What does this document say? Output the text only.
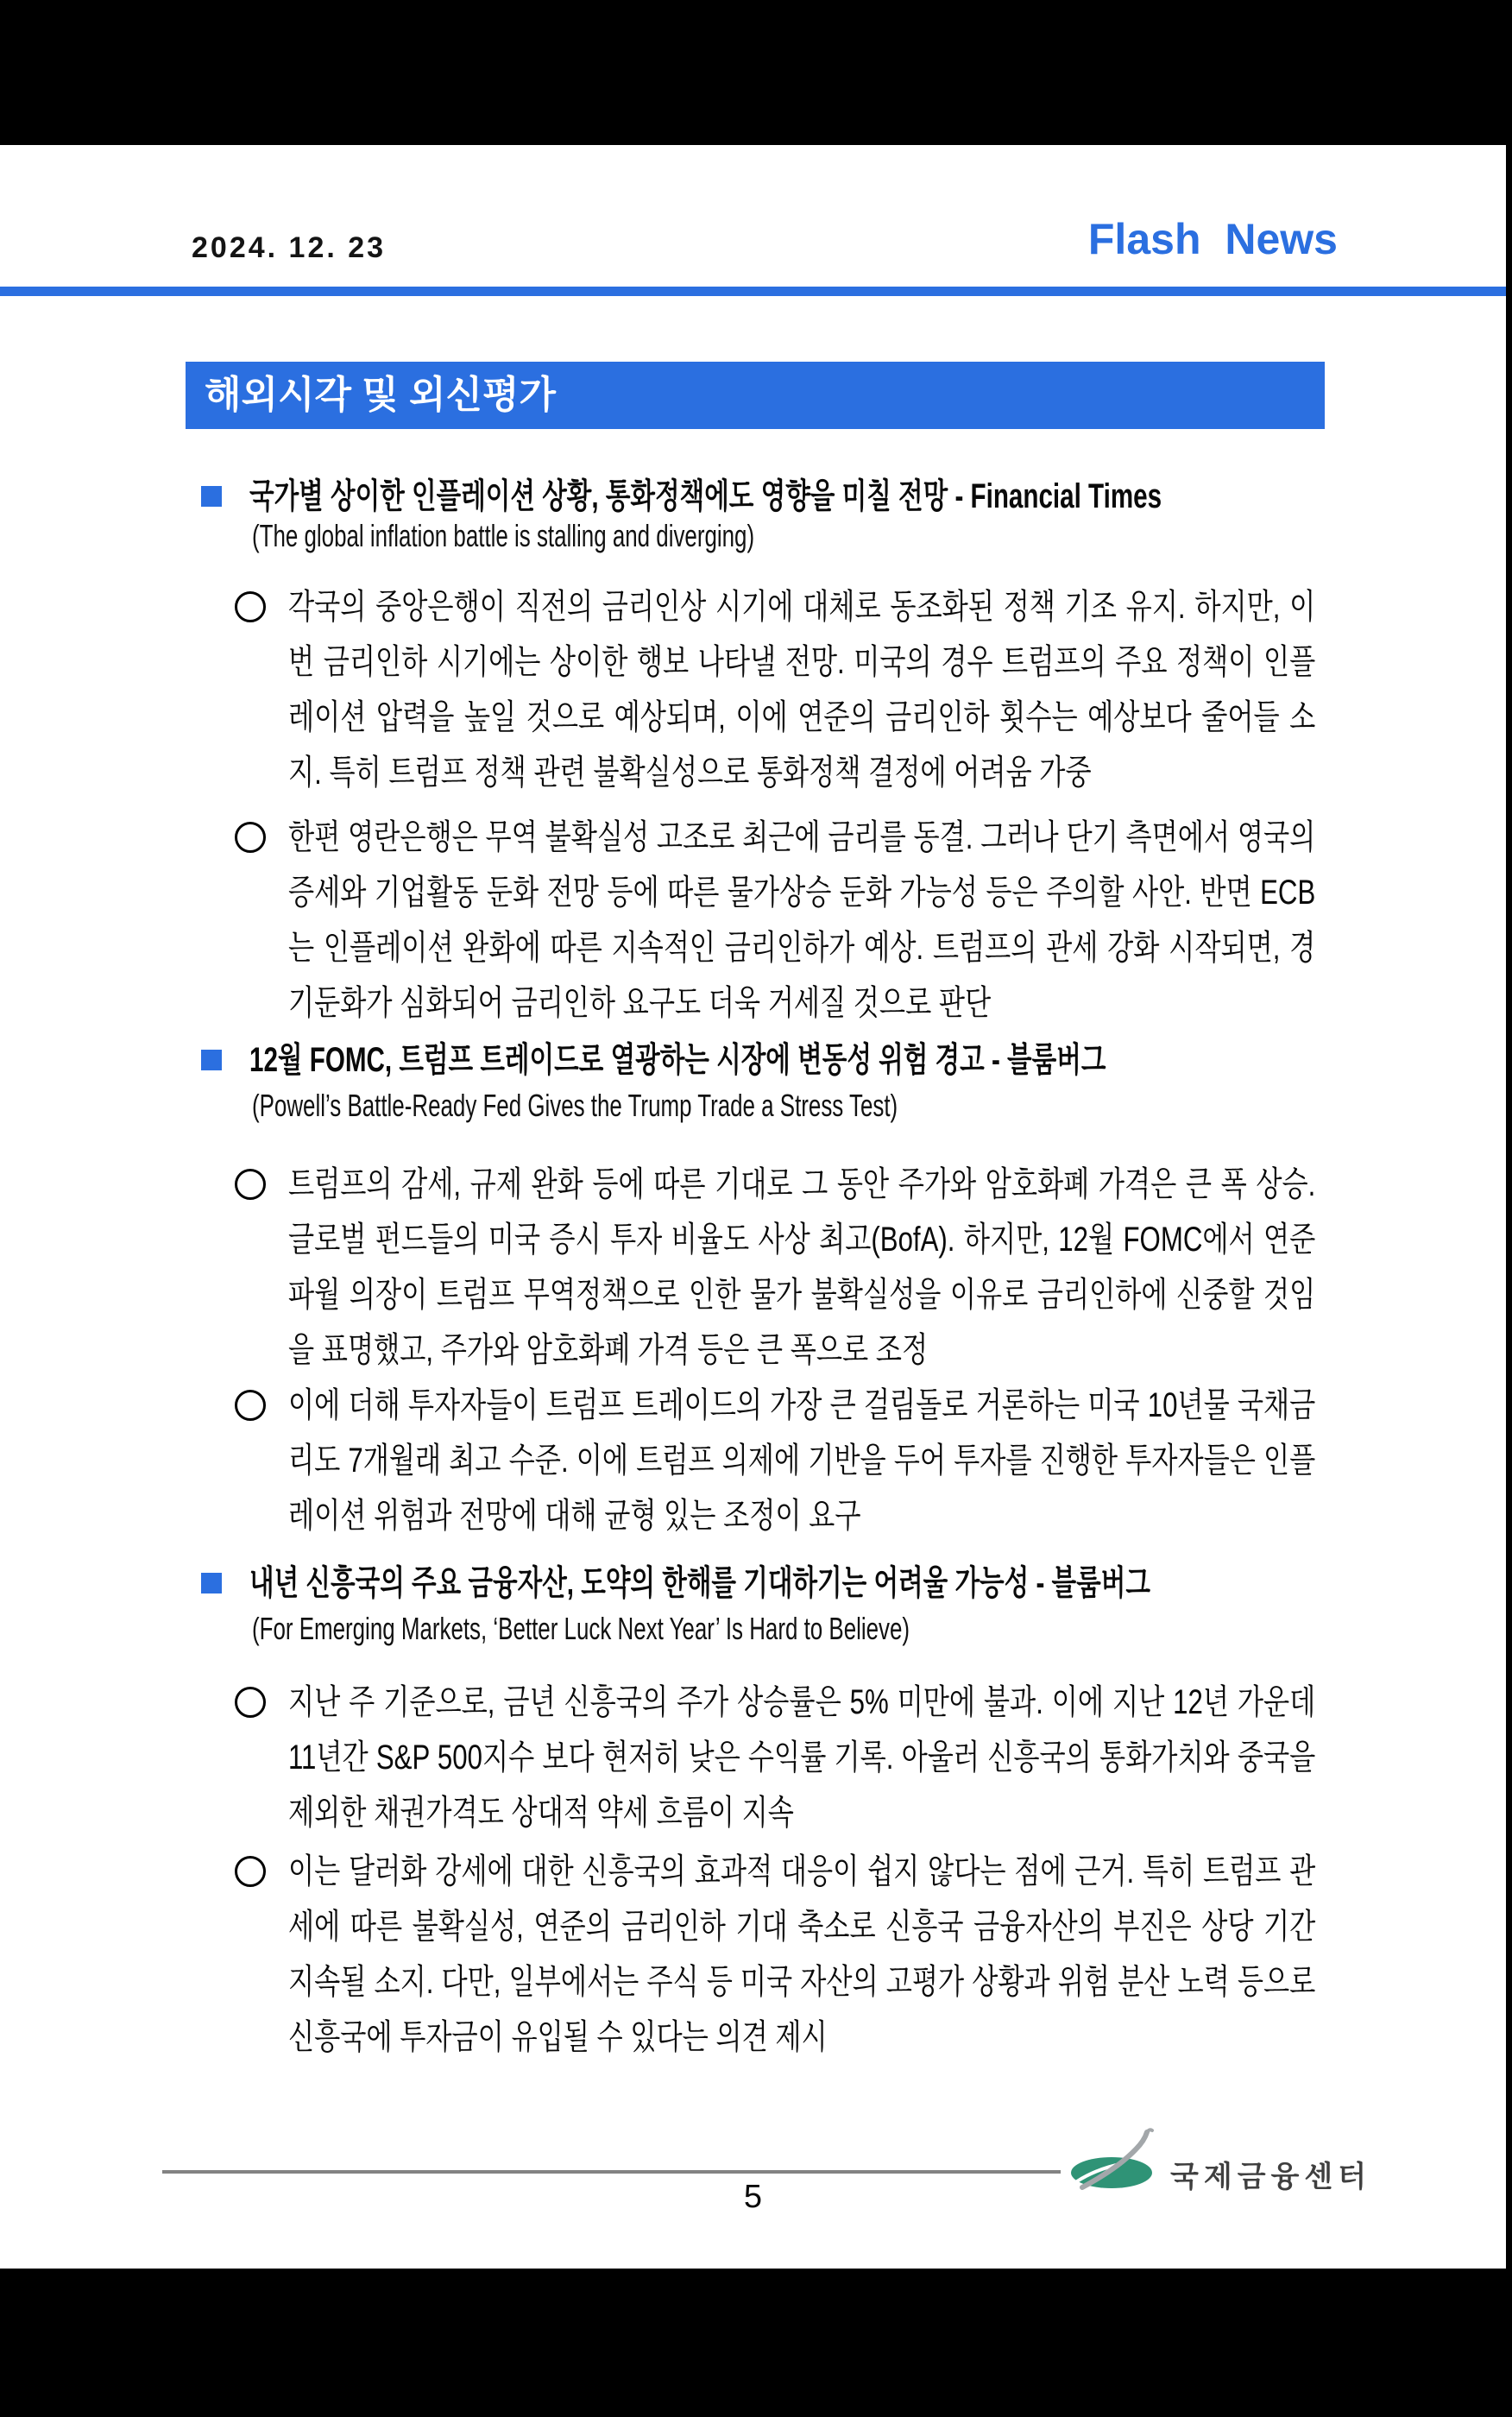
2024. 12. 23	Flash News
해외시각 및 외신평가
국가별 상이한 인플레이션 상황, 통화정책에도 영향을 미칠 전망 - Financial Times
(The global inflation battle is stalling and diverging)
각국의 중앙은행이 직전의 금리인상 시기에 대체로 동조화된 정책 기조 유지. 하지만, 이번 금리인하 시기에는 상이한 행보 나타낼 전망. 미국의 경우 트럼프의 주요 정책이 인플레이션 압력을 높일 것으로 예상되며, 이에 연준의 금리인하 횟수는 예상보다 줄어들 소지. 특히 트럼프 정책 관련 불확실성으로 통화정책 결정에 어려움 가중
한편 영란은행은 무역 불확실성 고조로 최근에 금리를 동결. 그러나 단기 측면에서 영국의 증세와 기업활동 둔화 전망 등에 따른 물가상승 둔화 가능성 등은 주의할 사안. 반면 ECB는 인플레이션 완화에 따른 지속적인 금리인하가 예상. 트럼프의 관세 강화 시작되면, 경기둔화가 심화되어 금리인하 요구도 더욱 거세질 것으로 판단
12월 FOMC, 트럼프 트레이드로 열광하는 시장에 변동성 위험 경고 - 블룸버그
(Powell’s Battle-Ready Fed Gives the Trump Trade a Stress Test)
트럼프의 감세, 규제 완화 등에 따른 기대로 그 동안 주가와 암호화폐 가격은 큰 폭 상승. 글로벌 펀드들의 미국 증시 투자 비율도 사상 최고(BofA). 하지만, 12월 FOMC에서 연준 파월 의장이 트럼프 무역정책으로 인한 물가 불확실성을 이유로 금리인하에 신중할 것임을 표명했고, 주가와 암호화폐 가격 등은 큰 폭으로 조정
이에 더해 투자자들이 트럼프 트레이드의 가장 큰 걸림돌로 거론하는 미국 10년물 국채금리도 7개월래 최고 수준. 이에 트럼프 의제에 기반을 두어 투자를 진행한 투자자들은 인플레이션 위험과 전망에 대해 균형 있는 조정이 요구
내년 신흥국의 주요 금융자산, 도약의 한해를 기대하기는 어려울 가능성 - 블룸버그
(For Emerging Markets, ‘Better Luck Next Year’ Is Hard to Believe)
지난 주 기준으로, 금년 신흥국의 주가 상승률은 5% 미만에 불과. 이에 지난 12년 가운데 11년간 S&P 500지수 보다 현저히 낮은 수익률 기록. 아울러 신흥국의 통화가치와 중국을 제외한 채권가격도 상대적 약세 흐름이 지속
이는 달러화 강세에 대한 신흥국의 효과적 대응이 쉽지 않다는 점에 근거. 특히 트럼프 관세에 따른 불확실성, 연준의 금리인하 기대 축소로 신흥국 금융자산의 부진은 상당 기간 지속될 소지. 다만, 일부에서는 주식 등 미국 자산의 고평가 상황과 위험 분산 노력 등으로 신흥국에 투자금이 유입될 수 있다는 의견 제시
국제금융센터
5
